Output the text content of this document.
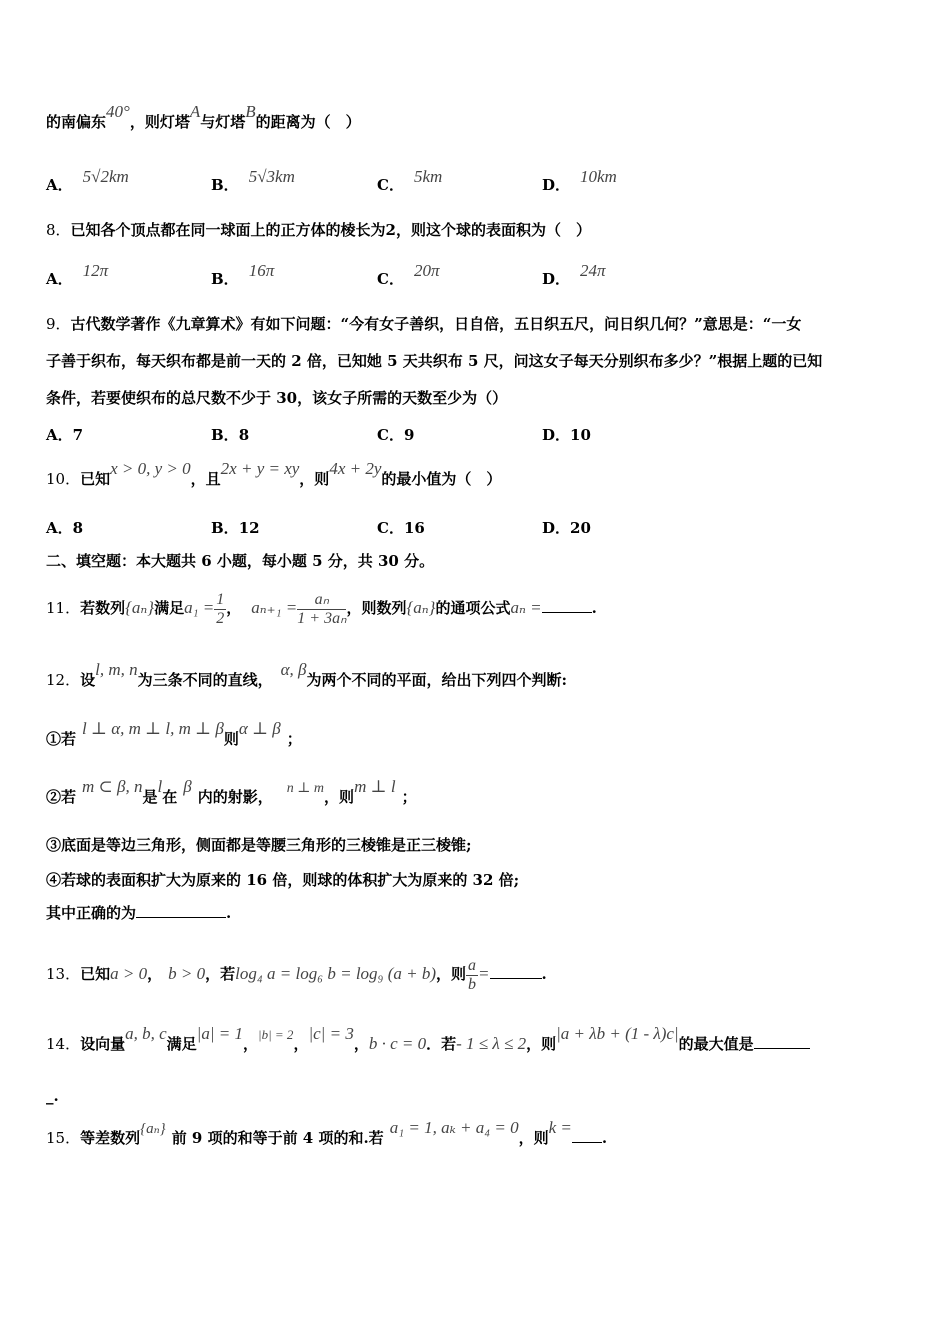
的南偏东40°，则灯塔A与灯塔B的距离为（　）
A． 5√2km	B． 5√3km	C． 5km	D． 10km
8．已知各个顶点都在同一球面上的正方体的棱长为2，则这个球的表面积为（　）
A． 12π	B． 16π	C． 20π	D． 24π
9．古代数学著作《九章算术》有如下问题：“今有女子善织，日自倍，五日织五尺，问日织几何？”意思是：“一女
子善于织布，每天织布都是前一天的 2 倍，已知她 5 天共织布 5 尺，问这女子每天分别织布多少？”根据上题的已知
条件，若要使织布的总尺数不少于 30，该女子所需的天数至少为（）
A．7	B．8	C．9	D．10
10．已知x > 0, y > 0，且2x + y = xy，则4x + 2y的最小值为（　）
A．8	B．12	C．16	D．20
二、填空题：本大题共 6 小题，每小题 5 分，共 30 分。
11．若数列{aₙ}满足$a_1 = \frac{1}{2}$ ， $a_{n+1} = \frac{\text{aₙ}}{\text{1 + 3aₙ}}$ ，则数列{aₙ}的通项公式aₙ =	.
12．设l, m, n为三条不同的直线，α, β为两个不同的平面，给出下列四个判断:
①若l ⊥ α, m ⊥ l, m ⊥ β则α ⊥ β；
②若m ⊂ β, n是l在β内的射影， n ⊥ m，则m ⊥ l；
③底面是等边三角形，侧面都是等腰三角形的三棱锥是正三棱锥;
④若球的表面积扩大为原来的 16 倍，则球的体积扩大为原来的 32 倍;
其中正确的为	.
13．已知a > 0， b > 0，若log₄ a = log₆ b = log₉ (a + b)，则 $\frac{a}{b}$ =	.
14．设向量a, b, c满足|a| = 1，|b| = 2，|c| = 3，b · c = 0．若- 1 ≤ λ ≤ 2，则|a + λb + (1 - λ)c|的最大值是
_.
15．等差数列{aₙ} 前 9 项的和等于前 4 项的和.若a₁ = 1, aₖ + a₄ = 0，则k =.
